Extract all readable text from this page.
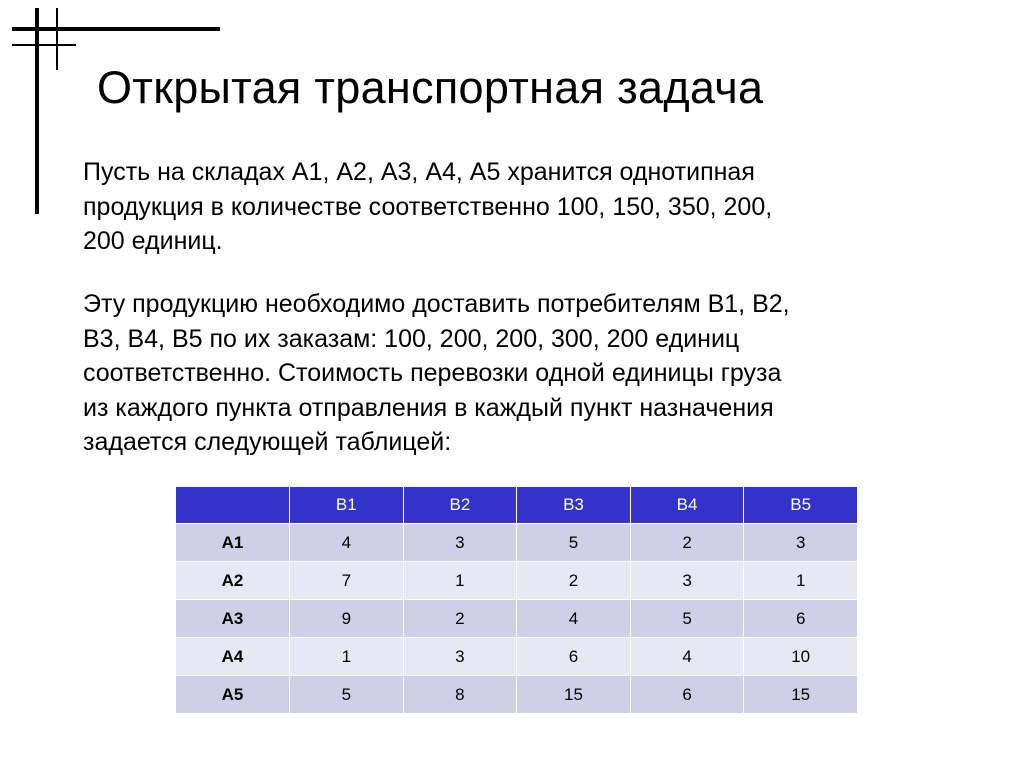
Открытая транспортная задача

Пусть на складах А1, А2, А3, А4, А5 хранится однотипная
продукция в количестве соответственно 100, 150, 350, 200,
200 единиц.

Эту продукцию необходимо доставить потребителям В1, В2,
В3, В4, В5 по их заказам: 100, 200, 200, 300, 200 единиц
соответственно. Стоимость перевозки одной единицы груза
из каждого пункта отправления в каждый пункт назначения
задается следующей таблицей:

	B1	B2	B3	B4	B5
A1	4	3	5	2	3
A2	7	1	2	3	1
A3	9	2	4	5	6
A4	1	3	6	4	10
A5	5	8	15	6	15
